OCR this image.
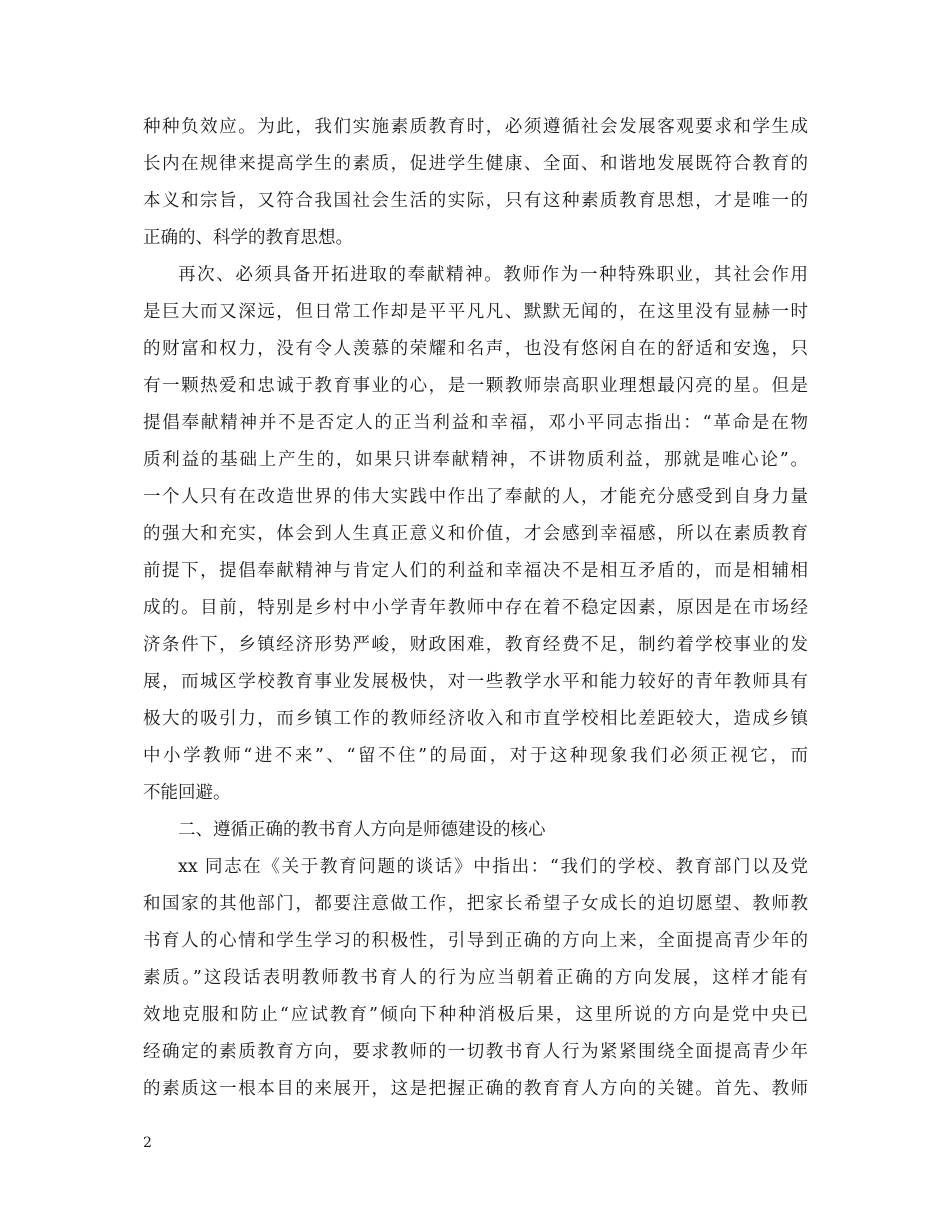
种种负效应。为此，我们实施素质教育时，必须遵循社会发展客观要求和学生成
长内在规律来提高学生的素质，促进学生健康、全面、和谐地发展既符合教育的
本义和宗旨，又符合我国社会生活的实际，只有这种素质教育思想，才是唯一的
正确的、科学的教育思想。
再次、必须具备开拓进取的奉献精神。教师作为一种特殊职业，其社会作用
是巨大而又深远，但日常工作却是平平凡凡、默默无闻的，在这里没有显赫一时
的财富和权力，没有令人羡慕的荣耀和名声，也没有悠闲自在的舒适和安逸，只
有一颗热爱和忠诚于教育事业的心，是一颗教师崇高职业理想最闪亮的星。但是
提倡奉献精神并不是否定人的正当利益和幸福，邓小平同志指出：“革命是在物
质利益的基础上产生的，如果只讲奉献精神，不讲物质利益，那就是唯心论”。
一个人只有在改造世界的伟大实践中作出了奉献的人，才能充分感受到自身力量
的强大和充实，体会到人生真正意义和价值，才会感到幸福感，所以在素质教育
前提下，提倡奉献精神与肯定人们的利益和幸福决不是相互矛盾的，而是相辅相
成的。目前，特别是乡村中小学青年教师中存在着不稳定因素，原因是在市场经
济条件下，乡镇经济形势严峻，财政困难，教育经费不足，制约着学校事业的发
展，而城区学校教育事业发展极快，对一些教学水平和能力较好的青年教师具有
极大的吸引力，而乡镇工作的教师经济收入和市直学校相比差距较大，造成乡镇
中小学教师“进不来”、“留不住”的局面，对于这种现象我们必须正视它，而
不能回避。
二、遵循正确的教书育人方向是师德建设的核心
xx 同志在《关于教育问题的谈话》中指出：“我们的学校、教育部门以及党
和国家的其他部门，都要注意做工作，把家长希望子女成长的迫切愿望、教师教
书育人的心情和学生学习的积极性，引导到正确的方向上来，全面提高青少年的
素质。”这段话表明教师教书育人的行为应当朝着正确的方向发展，这样才能有
效地克服和防止“应试教育”倾向下种种消极后果，这里所说的方向是党中央已
经确定的素质教育方向，要求教师的一切教书育人行为紧紧围绕全面提高青少年
的素质这一根本目的来展开，这是把握正确的教育育人方向的关键。首先、教师
2
